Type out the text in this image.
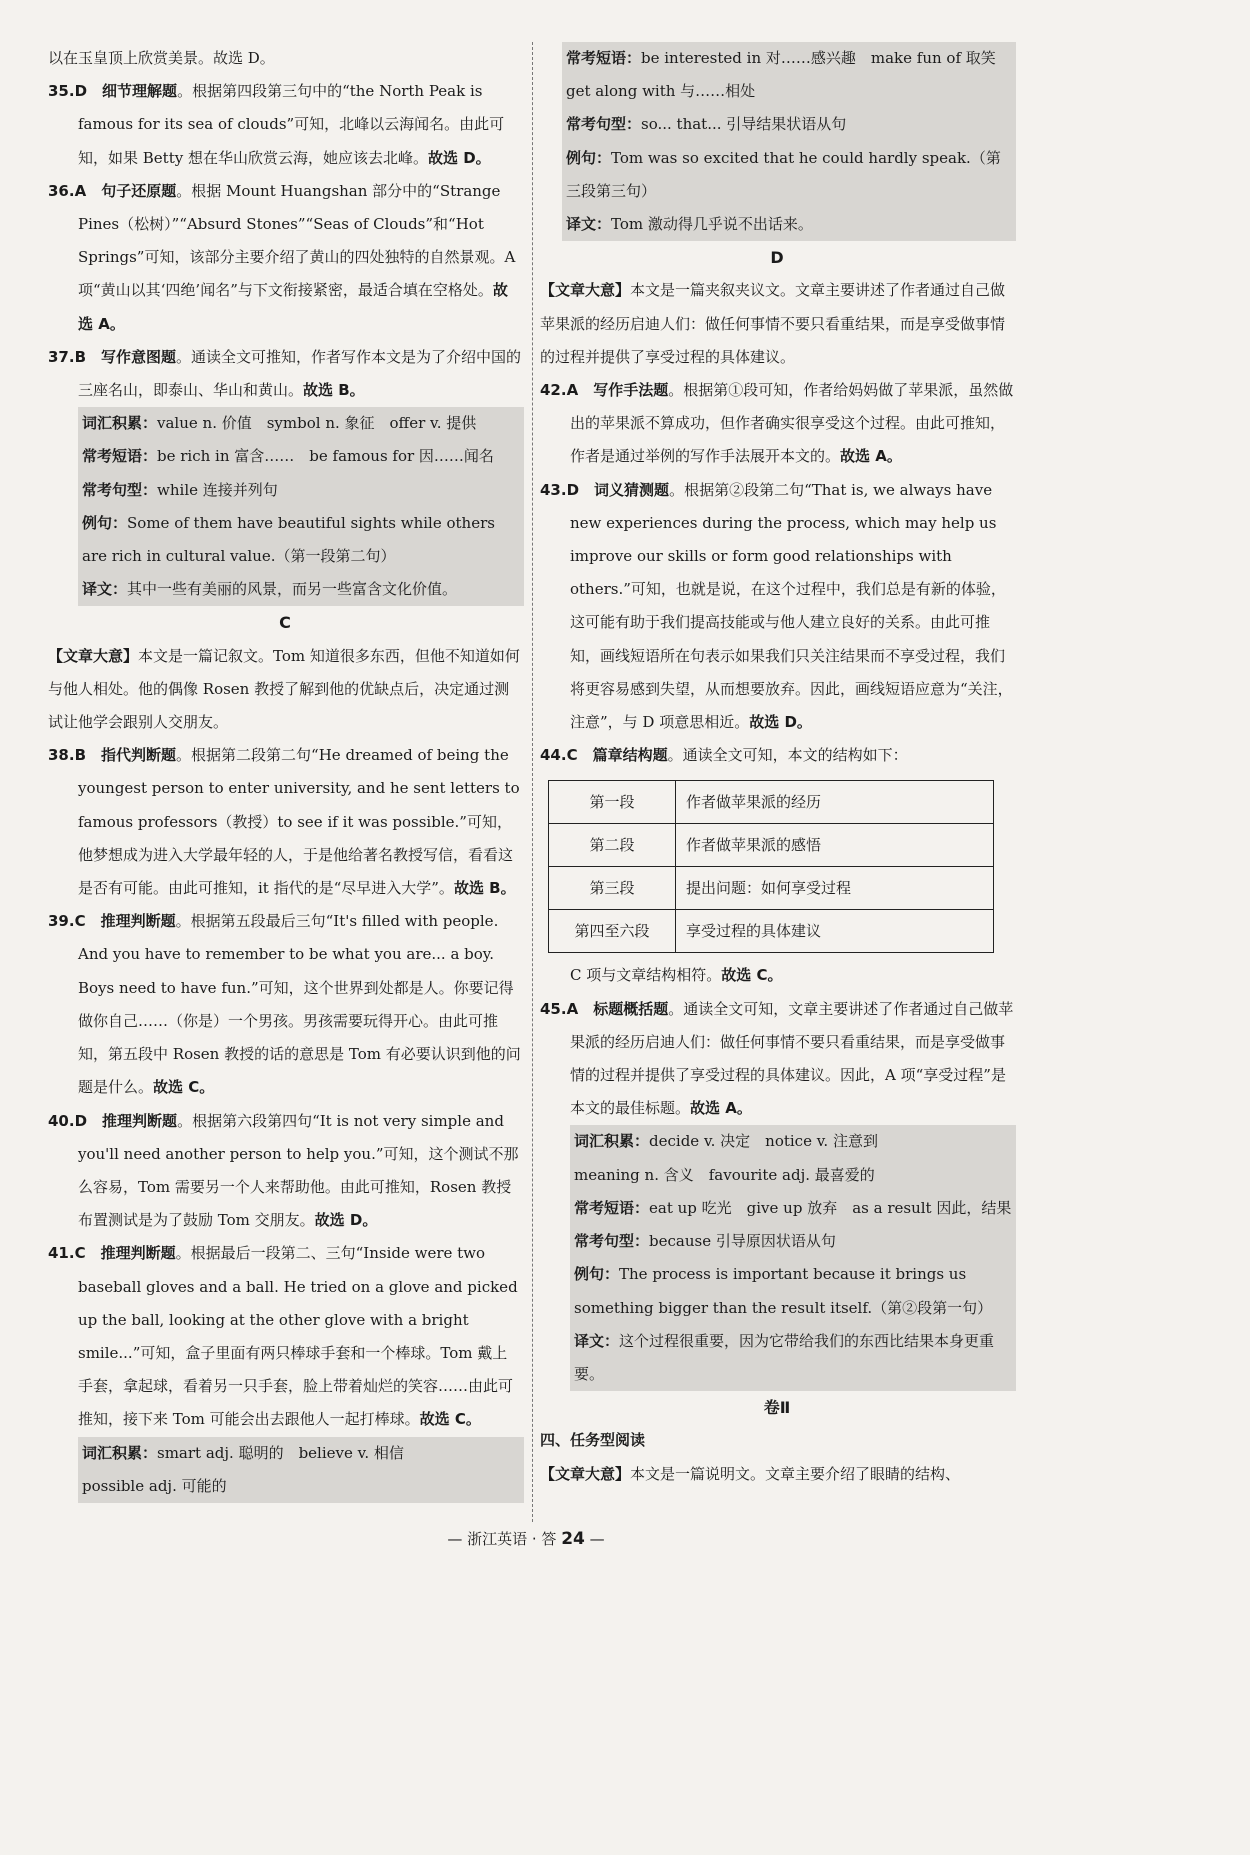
以在玉皇顶上欣赏美景。故选 D。

35.D　 细节理解题。根据第四段第三句中的“the North Peak is famous for its sea of clouds”可知，北峰以云海闻名。由此可知，如果 Betty 想在华山欣赏云海，她应该去北峰。故选 D。

36.A　 句子还原题。根据 Mount Huangshan 部分中的“Strange Pines（松树）”“Absurd Stones”“Seas of Clouds”和“Hot Springs”可知，该部分主要介绍了黄山的四处独特的自然景观。A 项“黄山以其‘四绝’闻名”与下文衔接紧密，最适合填在空格处。故选 A。

37.B　 写作意图题。通读全文可推知，作者写作本文是为了介绍中国的三座名山，即泰山、华山和黄山。故选 B。

词汇积累：value n. 价值　symbol n. 象征　offer v. 提供

常考短语：be rich in 富含……　be famous for 因……闻名

常考句型：while 连接并列句

例句：Some of them have beautiful sights while others are rich in cultural value.（第一段第二句）

译文：其中一些有美丽的风景，而另一些富含文化价值。

C

【文章大意】本文是一篇记叙文。Tom 知道很多东西，但他不知道如何与他人相处。他的偶像 Rosen 教授了解到他的优缺点后，决定通过测试让他学会跟别人交朋友。

38.B　 指代判断题。根据第二段第二句“He dreamed of being the youngest person to enter university, and he sent letters to famous professors（教授）to see if it was possible.”可知，他梦想成为进入大学最年轻的人，于是他给著名教授写信，看看这是否有可能。由此可推知，it 指代的是“尽早进入大学”。故选 B。

39.C　 推理判断题。根据第五段最后三句“It's filled with people. And you have to remember to be what you are... a boy. Boys need to have fun.”可知，这个世界到处都是人。你要记得做你自己……（你是）一个男孩。男孩需要玩得开心。由此可推知，第五段中 Rosen 教授的话的意思是 Tom 有必要认识到他的问题是什么。故选 C。

40.D　 推理判断题。根据第六段第四句“It is not very simple and you'll need another person to help you.”可知，这个测试不那么容易，Tom 需要另一个人来帮助他。由此可推知，Rosen 教授布置测试是为了鼓励 Tom 交朋友。故选 D。

41.C　 推理判断题。根据最后一段第二、三句“Inside were two baseball gloves and a ball. He tried on a glove and picked up the ball, looking at the other glove with a bright smile...”可知，盒子里面有两只棒球手套和一个棒球。Tom 戴上手套，拿起球，看着另一只手套，脸上带着灿烂的笑容……由此可推知，接下来 Tom 可能会出去跟他人一起打棒球。故选 C。

词汇积累：smart adj. 聪明的　believe v. 相信

possible adj. 可能的

常考短语：be interested in 对……感兴趣　make fun of 取笑　get along with 与……相处

常考句型：so... that... 引导结果状语从句

例句：Tom was so excited that he could hardly speak.（第三段第三句）

译文：Tom 激动得几乎说不出话来。

D

【文章大意】本文是一篇夹叙夹议文。文章主要讲述了作者通过自己做苹果派的经历启迪人们：做任何事情不要只看重结果，而是享受做事情的过程并提供了享受过程的具体建议。

42.A　 写作手法题。根据第①段可知，作者给妈妈做了苹果派，虽然做出的苹果派不算成功，但作者确实很享受这个过程。由此可推知，作者是通过举例的写作手法展开本文的。故选 A。

43.D　 词义猜测题。根据第②段第二句“That is, we always have new experiences during the process, which may help us improve our skills or form good relationships with others.”可知，也就是说，在这个过程中，我们总是有新的体验，这可能有助于我们提高技能或与他人建立良好的关系。由此可推知，画线短语所在句表示如果我们只关注结果而不享受过程，我们将更容易感到失望，从而想要放弃。因此，画线短语应意为“关注，注意”，与 D 项意思相近。故选 D。

44.C　 篇章结构题。通读全文可知，本文的结构如下：

第一段	作者做苹果派的经历
第二段	作者做苹果派的感悟
第三段	提出问题：如何享受过程
第四至六段	享受过程的具体建议

C 项与文章结构相符。故选 C。

45.A　 标题概括题。通读全文可知，文章主要讲述了作者通过自己做苹果派的经历启迪人们：做任何事情不要只看重结果，而是享受做事情的过程并提供了享受过程的具体建议。因此，A 项“享受过程”是本文的最佳标题。故选 A。

词汇积累：decide v. 决定　notice v. 注意到

meaning n. 含义　favourite adj. 最喜爱的

常考短语：eat up 吃光　give up 放弃　as a result 因此，结果

常考句型：because 引导原因状语从句

例句：The process is important because it brings us something bigger than the result itself.（第②段第一句）

译文：这个过程很重要，因为它带给我们的东西比结果本身更重要。

卷Ⅱ

四、任务型阅读

【文章大意】本文是一篇说明文。文章主要介绍了眼睛的结构、

— 浙江英语 · 答 24 —
